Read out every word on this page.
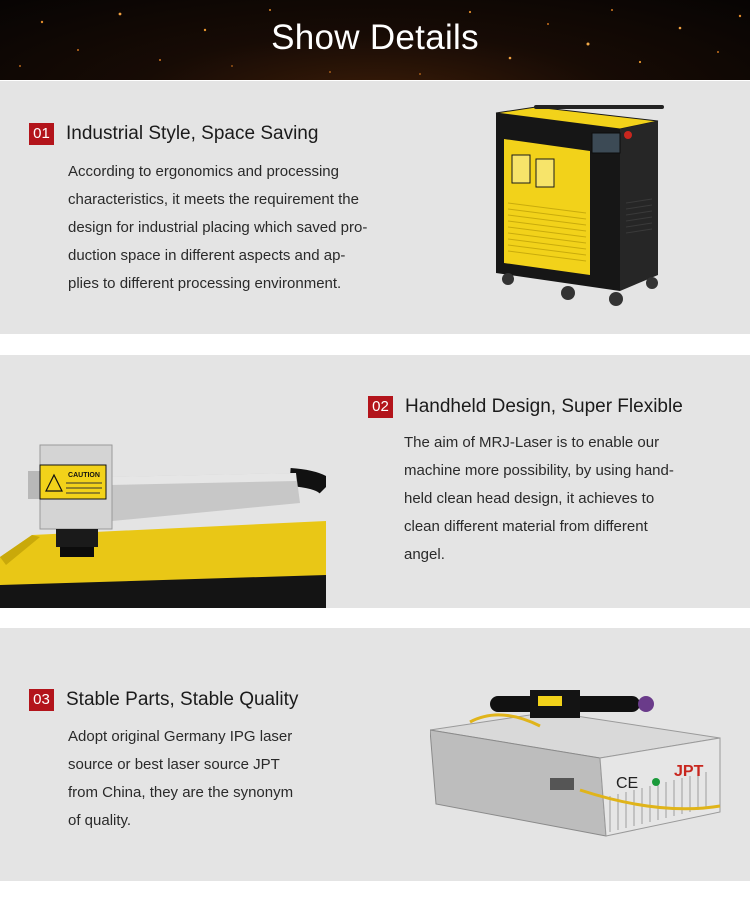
Show Details
01 Industrial Style, Space Saving
According to ergonomics and processing
characteristics, it meets the requirement the
design for industrial placing which saved pro-
duction space in different aspects and ap-
plies to different processing environment.
CAUTION
02 Handheld Design, Super Flexible
The aim of MRJ-Laser is to enable our
machine more possibility, by using hand-
held clean head design, it achieves to
clean different material from different
angel.
03 Stable Parts, Stable Quality
Adopt original Germany IPG laser
source or best laser source JPT
from China, they are the synonym
of quality.
CE
JPT
